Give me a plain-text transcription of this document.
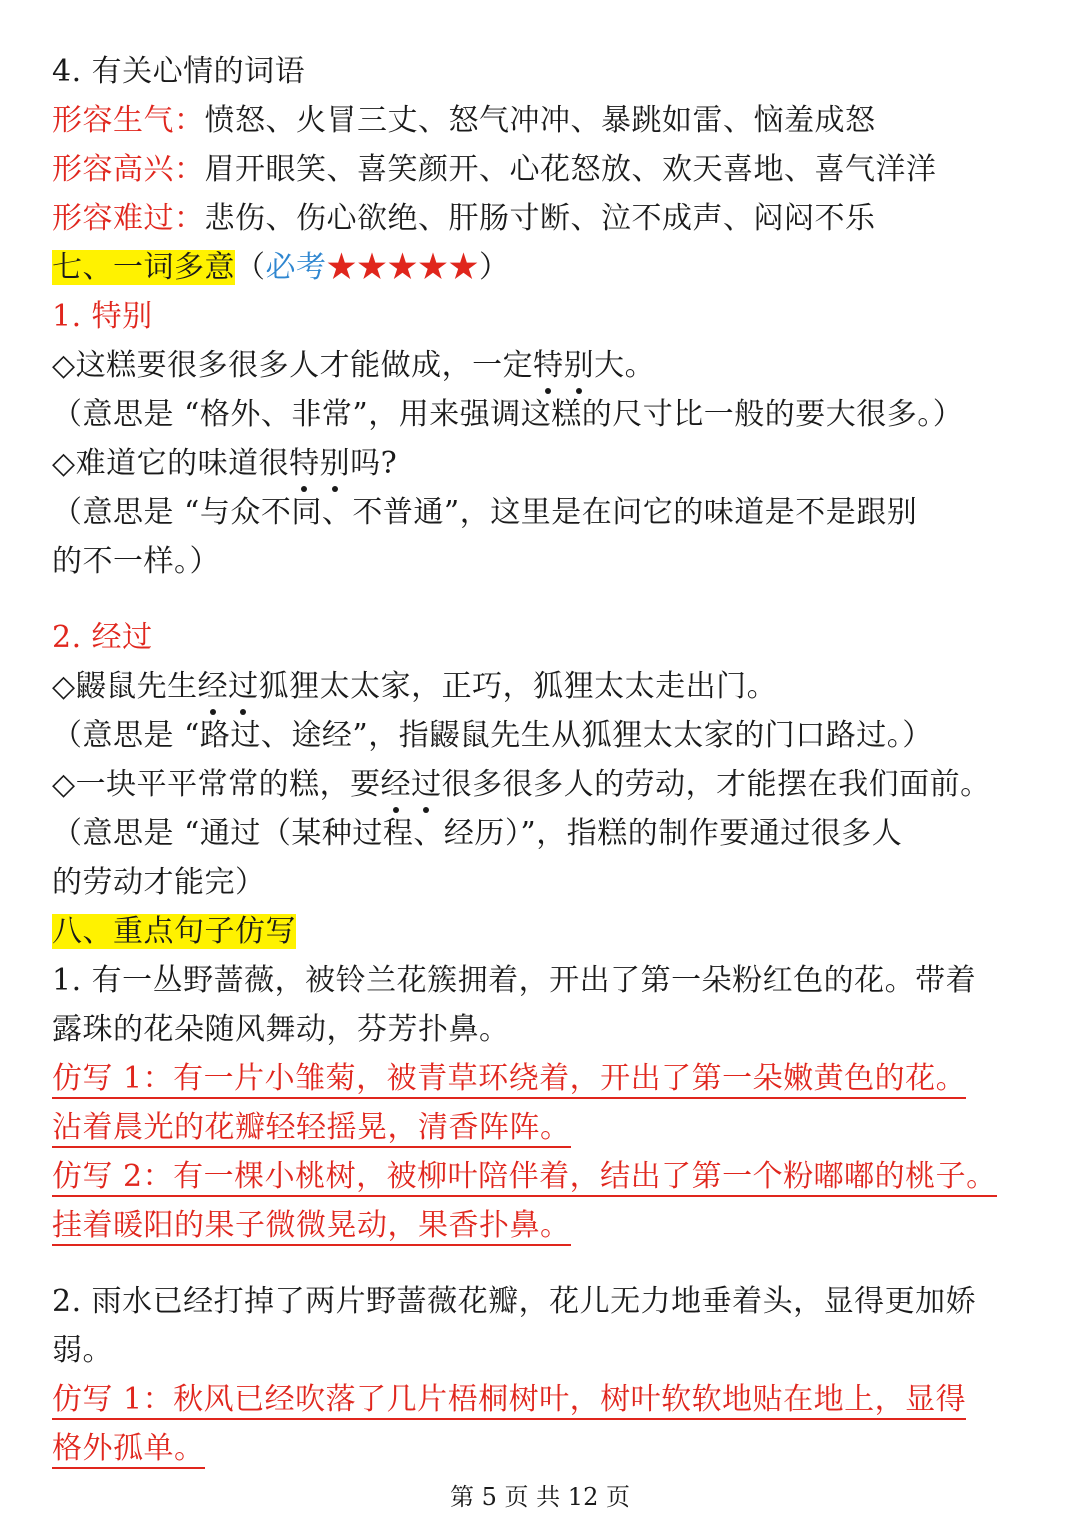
4. 有关心情的词语
形容生气：愤怒、火冒三丈、怒气冲冲、暴跳如雷、恼羞成怒
形容高兴：眉开眼笑、喜笑颜开、心花怒放、欢天喜地、喜气洋洋
形容难过：悲伤、伤心欲绝、肝肠寸断、泣不成声、闷闷不乐
七、一词多意（必考★★★★★）
1. 特别
◇这糕要很多很多人才能做成，一定特别大。
（意思是 “格外、非常”，用来强调这糕的尺寸比一般的要大很多。）
◇难道它的味道很特别吗?
（意思是 “与众不同、不普通”，这里是在问它的味道是不是跟别
的不一样。）
2. 经过
◇鼹鼠先生经过狐狸太太家，正巧，狐狸太太走出门。
（意思是 “路过、途经”，指鼹鼠先生从狐狸太太家的门口路过。）
◇一块平平常常的糕，要经过很多很多人的劳动，才能摆在我们面前。
（意思是 “通过（某种过程、经历）”，指糕的制作要通过很多人
的劳动才能完）
八、重点句子仿写
1. 有一丛野蔷薇，被铃兰花簇拥着，开出了第一朵粉红色的花。带着
露珠的花朵随风舞动，芬芳扑鼻。
仿写 1：有一片小雏菊，被青草环绕着，开出了第一朵嫩黄色的花。
沾着晨光的花瓣轻轻摇晃，清香阵阵。
仿写 2：有一棵小桃树，被柳叶陪伴着，结出了第一个粉嘟嘟的桃子。
挂着暖阳的果子微微晃动，果香扑鼻。
2. 雨水已经打掉了两片野蔷薇花瓣，花儿无力地垂着头，显得更加娇
弱。
仿写 1：秋风已经吹落了几片梧桐树叶，树叶软软地贴在地上，显得
格外孤单。
第 5 页 共 12 页
